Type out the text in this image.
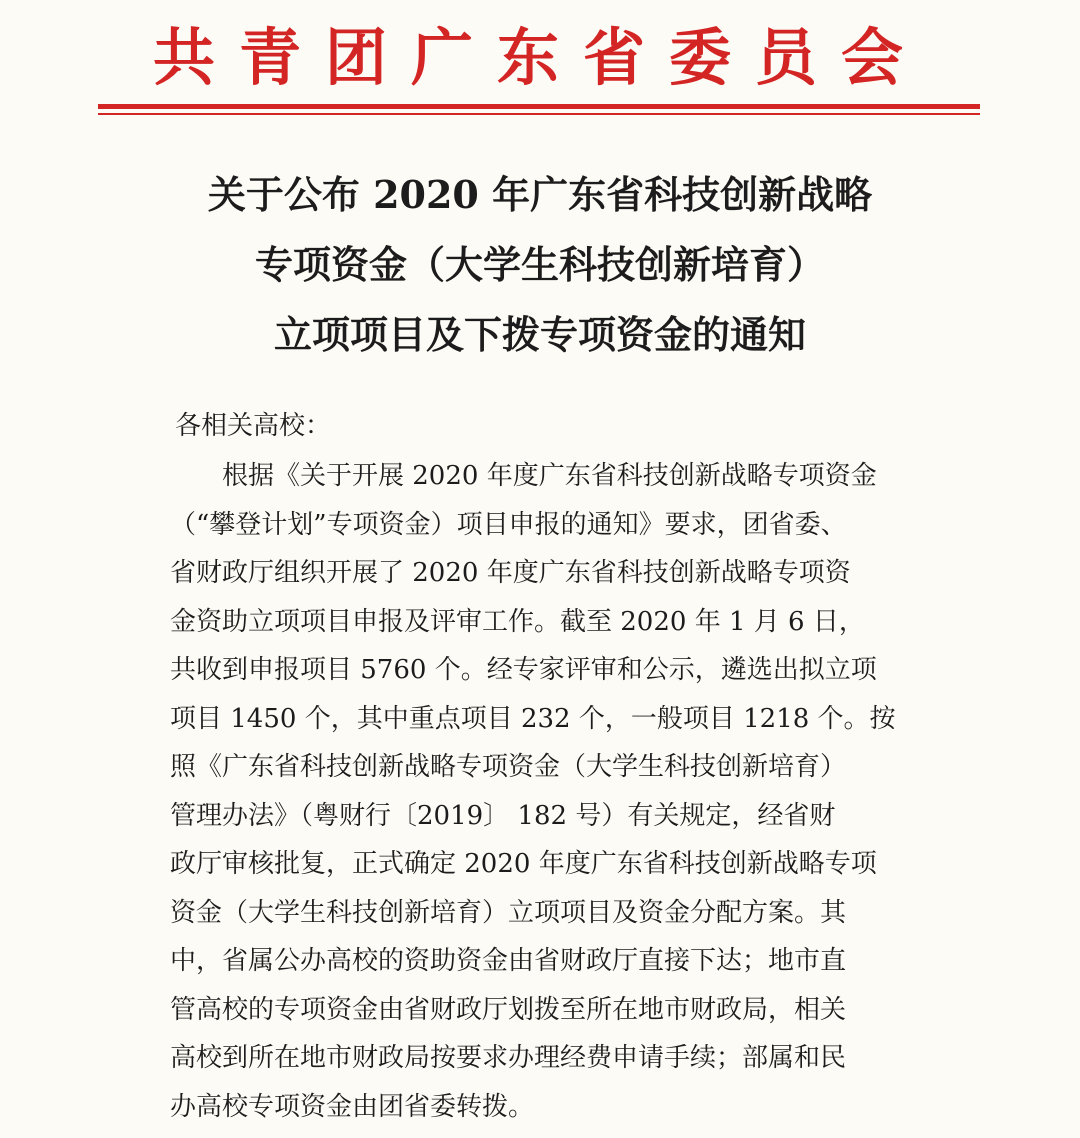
共青团广东省委员会
关于公布 2020 年广东省科技创新战略
专项资金（大学生科技创新培育）
立项项目及下拨专项资金的通知

各相关高校：

　　根据《关于开展 2020 年度广东省科技创新战略专项资金
（“攀登计划”专项资金）项目申报的通知》要求，团省委、
省财政厅组织开展了 2020 年度广东省科技创新战略专项资
金资助立项项目申报及评审工作。截至 2020 年 1 月 6 日，
共收到申报项目 5760 个。经专家评审和公示，遴选出拟立项
项目 1450 个，其中重点项目 232 个，一般项目 1218 个。按
照《广东省科技创新战略专项资金（大学生科技创新培育）
管理办法》（粤财行〔2019〕 182 号）有关规定，经省财
政厅审核批复，正式确定 2020 年度广东省科技创新战略专项
资金（大学生科技创新培育）立项项目及资金分配方案。其
中，省属公办高校的资助资金由省财政厅直接下达；地市直
管高校的专项资金由省财政厅划拨至所在地市财政局，相关
高校到所在地市财政局按要求办理经费申请手续；部属和民
办高校专项资金由团省委转拨。
